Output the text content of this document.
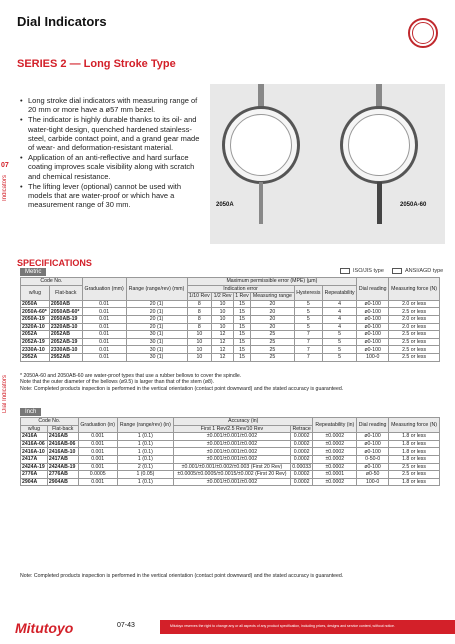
Dial Indicators
SERIES 2 — Long Stroke Type
07
Indicators
Dial Indicators
• Long stroke dial indicators with measuring range of 20 mm or more have a ø57 mm bezel.
• The indicator is highly durable thanks to its oil- and water-tight design, quenched hardened stainless-steel, carbide contact point, and a grand gear made of wear- and deformation-resistant material.
• Application of an anti-reflective and hard surface coating improves scale visibility along with scratch and chemical resistance.
• The lifting lever (optional) cannot be used with models that are water-proof or which have a measurement range of 30 mm.	2050A	2050A-60
SPECIFICATIONS
Metric	ISO/JIS type	ANSI/AGD type
Code No.		Graduation (mm)	Range (range/rev) (mm)	Maximum permissible error (MPE) (µm)						Dial reading	Measuring force (N)
w/lug	Flat-back			Indication error				Hysteresis	Repeatability		
				1/10 Rev	1/2 Rev	1 Rev	Measuring range				
2050A	2050AB	0.01	20 (1)	8	10	15	20	5	4	ø0-100	2.0 or less
2050A-60*	2050AB-60*	0.01	20 (1)	8	10	15	20	5	4	ø0-100	2.5 or less
2050A-19	2050AB-19	0.01	20 (1)	8	10	15	20	5	4	ø0-100	2.0 or less
2320A-10	2320AB-10	0.01	20 (1)	8	10	15	20	5	4	ø0-100	2.0 or less
2052A	2052AB	0.01	30 (1)	10	12	15	25	7	5	ø0-100	2.5 or less
2052A-19	2052AB-19	0.01	30 (1)	10	12	15	25	7	5	ø0-100	2.5 or less
2330A-10	2330AB-10	0.01	30 (1)	10	12	15	25	7	5	ø0-100	2.5 or less
2952A	2952AB	0.01	30 (1)	10	12	15	25	7	5	100-0	2.5 or less
* 2050A-60 and 2050AB-60 are water-proof types that use a rubber bellows to cover the spindle.
Note that the outer diameter of the bellows (ø9.5) is larger than that of the stem (ø8).
Note: Completed products inspection is performed in the vertical orientation (contact point downward) and the stated accuracy is guaranteed.
Inch
Code No.		Graduation (in)	Range (range/rev) (in)	Accuracy (in)		Repeatability (in)	Dial reading	Measuring force (N)
w/lug	Flat-back			First 1 Rev/2.5 Rev/10 Rev	Retrace			
2416A	2416AB	0.001	1 (0.1)	±0.001/±0.001/±0.002	0.0002	±0.0002	ø0-100	1.8 or less
2416A-06	2416AB-06	0.001	1 (0.1)	±0.001/±0.001/±0.002	0.0002	±0.0002	ø0-100	1.8 or less
2416A-10	2416AB-10	0.001	1 (0.1)	±0.001/±0.001/±0.002	0.0002	±0.0002	ø0-100	1.8 or less
2417A	2417AB	0.001	1 (0.1)	±0.001/±0.001/±0.002	0.0002	±0.0002	0-50-0	1.8 or less
2424A-19	2424AB-19	0.001	2 (0.1)	±0.001/±0.001/±0.002/±0.003 (First 20 Rev)	0.00033	±0.0002	ø0-100	2.5 or less
2776A	2776AB	0.0005	1 (0.05)	±0.0005/±0.0005/±0.0015/±0.002 (First 20 Rev)	0.0002	±0.0001	ø0-50	2.5 or less
2904A	2904AB	0.001	1 (0.1)	±0.001/±0.001/±0.002	0.0002	±0.0002	100-0	1.8 or less
Note: Completed products inspection is performed in the vertical orientation (contact point downward) and the stated accuracy is guaranteed.
Mitutoyo	07-43	Mitutoyo reserves the right to change any or all aspects of any product specification, including prices, designs and service content, without notice.
